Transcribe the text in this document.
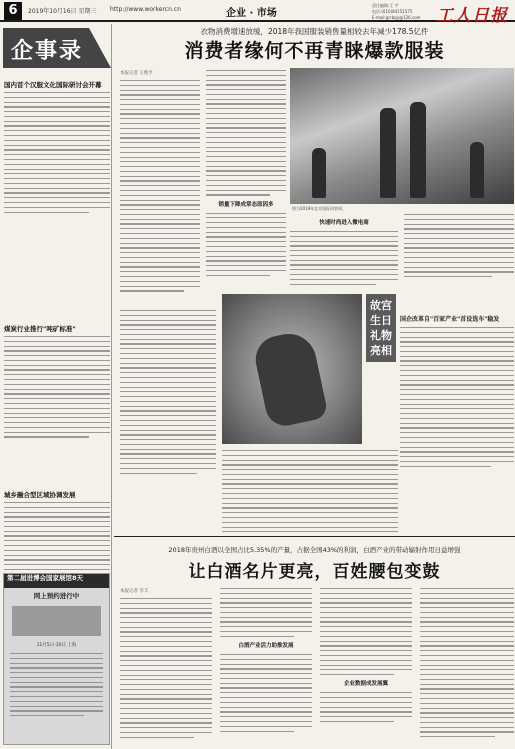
6	2019年10月16日 星期三 http://www.workercn.cn	企业 · 市场
责任编辑:王 宇
电话:(010)84151575
E-mail:grrbqy@126.com 工人日报
企事录
国内首个汉服文化国际研讨会开幕
煤炭行业推行"吨矿标准"
城乡融合型区域协调发展
第二届进博会国家展馆8天
网上预约进行中
11月5日-10日 上海
衣物消费增速放缓，2018年我国服装销售量相较去年减少178.5亿件
消费者缘何不再青睐爆款服装
本报记者 王维亨
销量下降成常态原因多
图为2019年北京国际时装周。
快速时尚进入微电商
故宫生日礼物亮相
国企改革自"百家产业"首设选车"稳发
2018年贵州白酒以全国占比5.35%的产量，占据全国43%的利润，白酒产业的带动辐射作用日益增强
让白酒名片更亮，百姓腰包变鼓
本报记者 李丰
白酒产业活力助推发展
企业数据成发展翼
